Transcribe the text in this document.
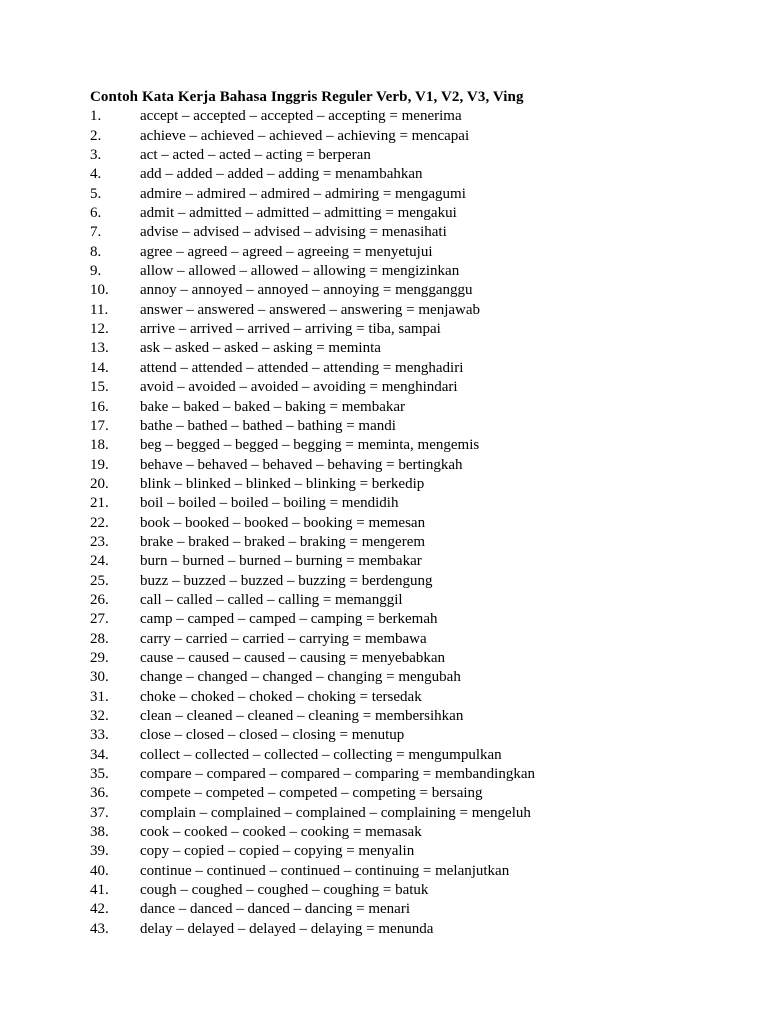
Contoh Kata Kerja Bahasa Inggris Reguler Verb, V1, V2, V3, Ving

1.	accept – accepted – accepted – accepting = menerima
2.	achieve – achieved – achieved – achieving = mencapai
3.	act – acted – acted – acting = berperan
4.	add – added – added – adding = menambahkan
5.	admire – admired – admired – admiring = mengagumi
6.	admit – admitted – admitted – admitting = mengakui
7.	advise – advised – advised – advising = menasihati
8.	agree – agreed – agreed – agreeing = menyetujui
9.	allow – allowed – allowed – allowing = mengizinkan
10.	annoy – annoyed – annoyed – annoying = mengganggu
11.	answer – answered – answered – answering = menjawab
12.	arrive – arrived – arrived – arriving = tiba, sampai
13.	ask – asked – asked – asking = meminta
14.	attend – attended – attended – attending = menghadiri
15.	avoid – avoided – avoided – avoiding = menghindari
16.	bake – baked – baked – baking = membakar
17.	bathe – bathed – bathed – bathing = mandi
18.	beg – begged – begged – begging = meminta, mengemis
19.	behave – behaved – behaved – behaving = bertingkah
20.	blink – blinked – blinked – blinking = berkedip
21.	boil – boiled – boiled – boiling = mendidih
22.	book – booked – booked – booking = memesan
23.	brake – braked – braked – braking = mengerem
24.	burn – burned – burned – burning = membakar
25.	buzz – buzzed – buzzed – buzzing = berdengung
26.	call – called – called – calling = memanggil
27.	camp – camped – camped – camping = berkemah
28.	carry – carried – carried – carrying = membawa
29.	cause – caused – caused – causing = menyebabkan
30.	change – changed – changed – changing = mengubah
31.	choke – choked – choked – choking = tersedak
32.	clean – cleaned – cleaned – cleaning = membersihkan
33.	close – closed – closed – closing = menutup
34.	collect – collected – collected – collecting = mengumpulkan
35.	compare – compared – compared – comparing = membandingkan
36.	compete – competed – competed – competing = bersaing
37.	complain – complained – complained – complaining = mengeluh
38.	cook – cooked – cooked – cooking = memasak
39.	copy – copied – copied – copying = menyalin
40.	continue – continued – continued – continuing = melanjutkan
41.	cough – coughed – coughed – coughing = batuk
42.	dance – danced – danced – dancing = menari
43.	delay – delayed – delayed – delaying = menunda
